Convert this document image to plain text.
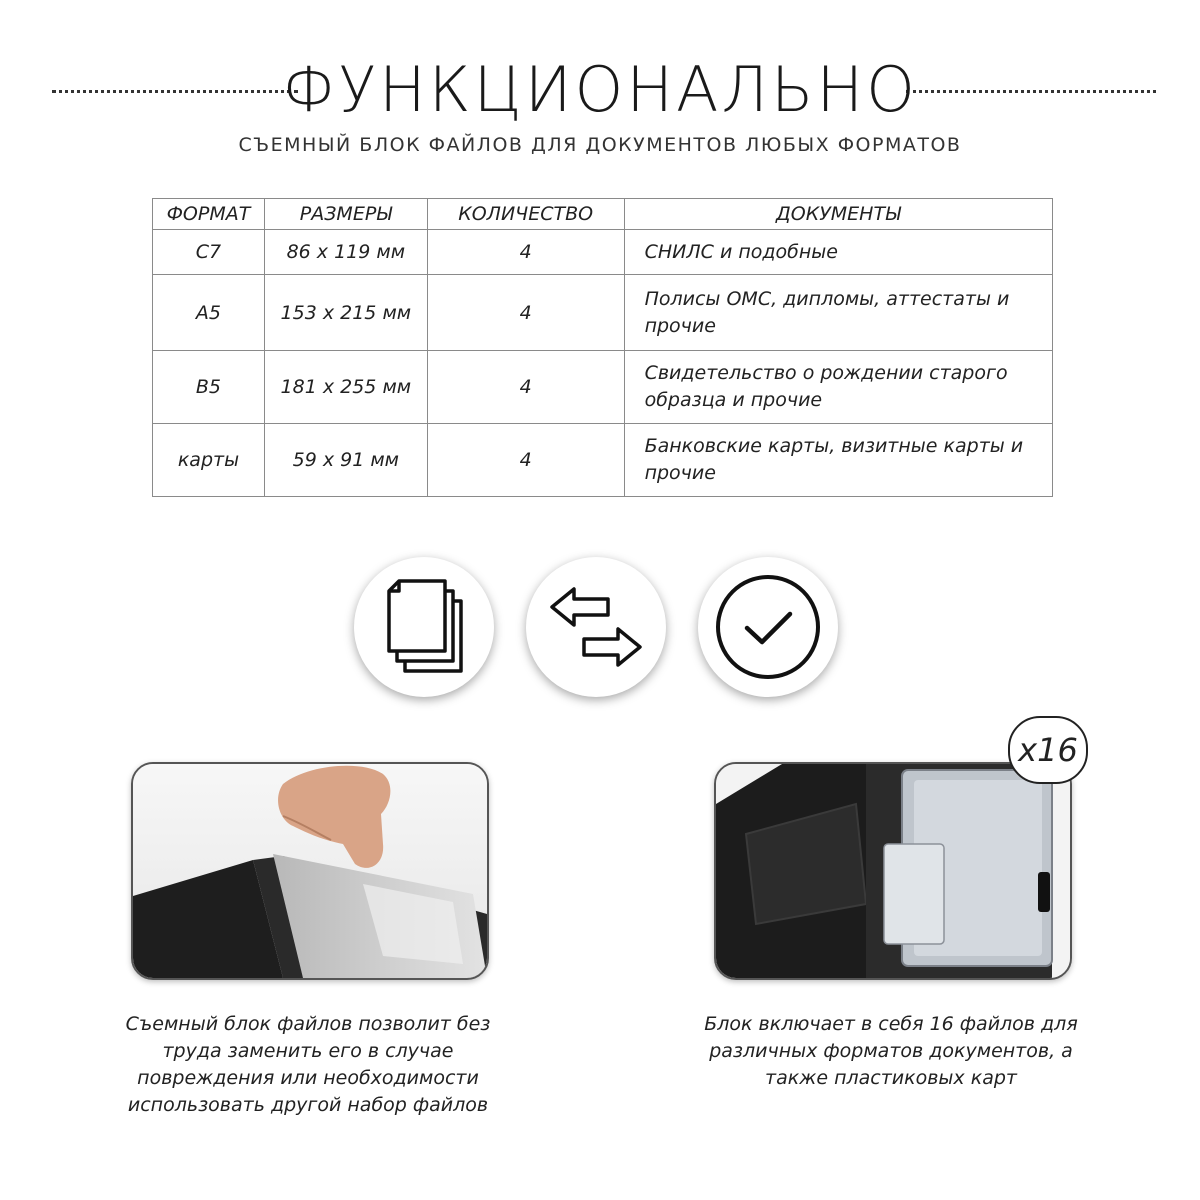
ФУНКЦИОНАЛЬНО
СЪЕМНЫЙ БЛОК ФАЙЛОВ ДЛЯ ДОКУМЕНТОВ ЛЮБЫХ ФОРМАТОВ
ФОРМАТ	РАЗМЕРЫ	КОЛИЧЕСТВО	ДОКУМЕНТЫ
С7	86 x 119 мм	4	СНИЛС и подобные
А5	153 x 215 мм	4	Полисы ОМС, дипломы, аттестаты и прочие
В5	181 x 255 мм	4	Свидетельство о рождении старого образца и прочие
карты	59 x 91 мм	4	Банковские карты, визитные карты и прочие
x16
Съемный блок файлов позволит без труда заменить его в случае повреждения или необходимости использовать другой набор файлов
Блок включает в себя 16 файлов для различных форматов документов, а также пластиковых карт
